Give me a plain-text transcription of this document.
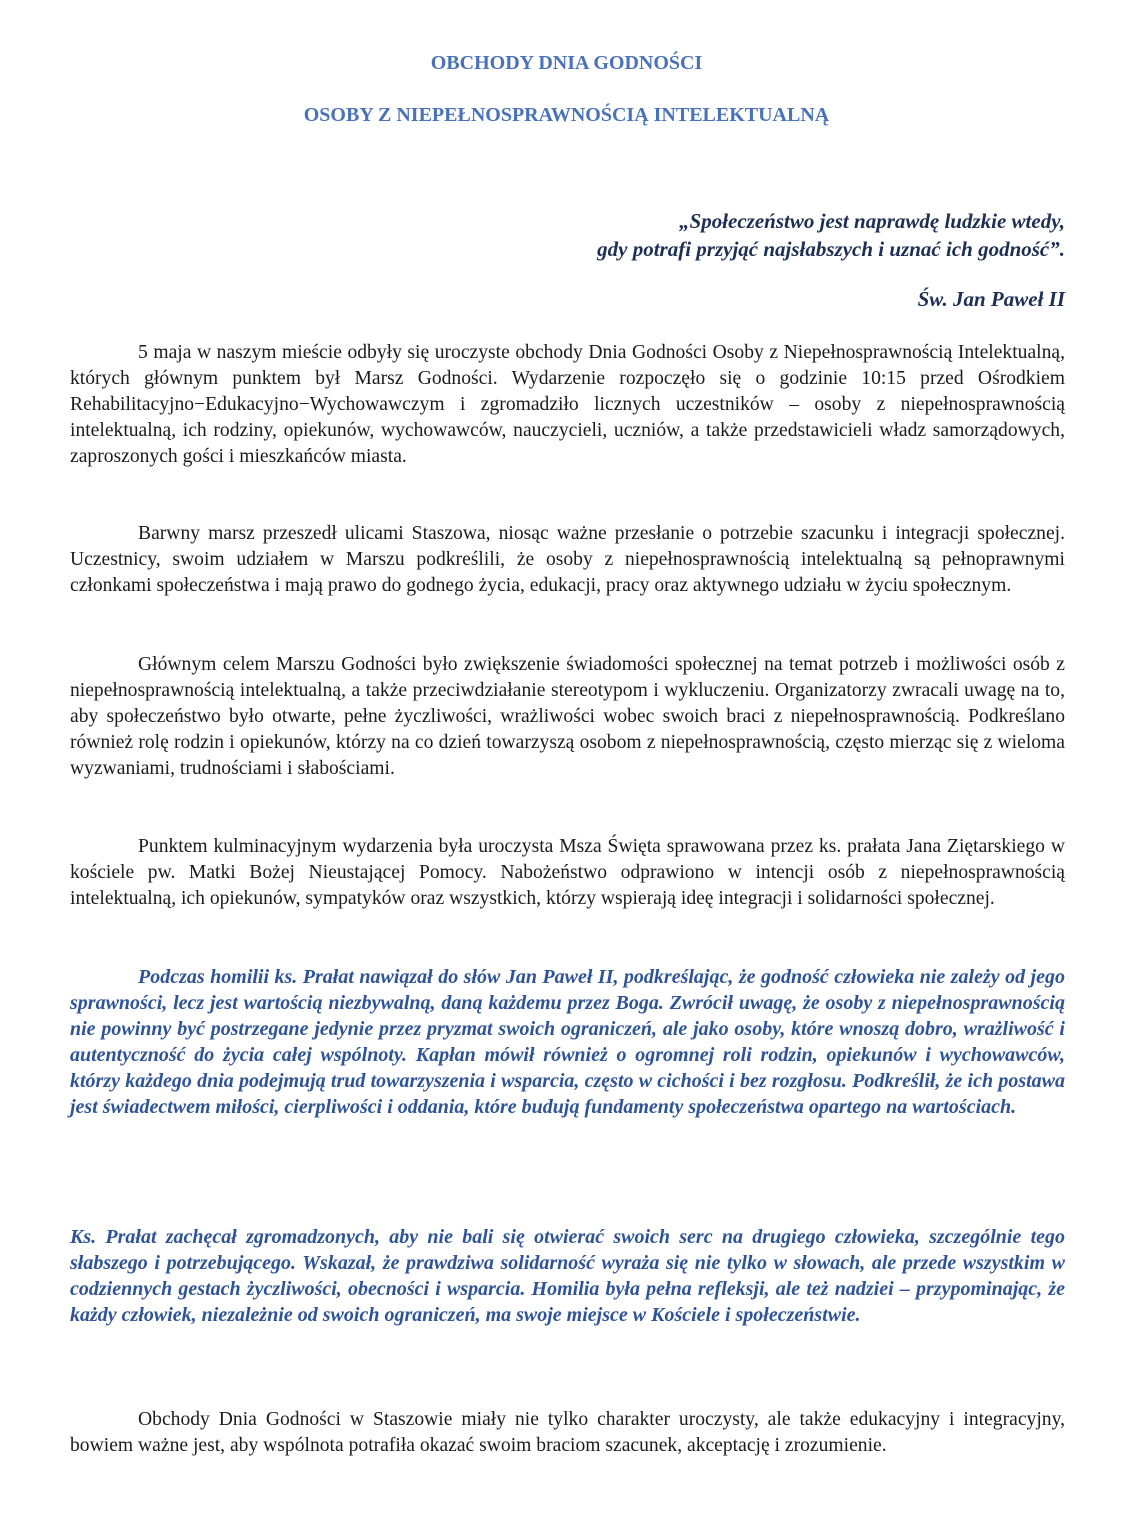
OBCHODY DNIA GODNOŚCI
OSOBY Z NIEPEŁNOSPRAWNOŚCIĄ INTELEKTUALNĄ
„Społeczeństwo jest naprawdę ludzkie wtedy,
gdy potrafi przyjąć najsłabszych i uznać ich godność”.
Św. Jan Paweł II

5 maja w naszym mieście odbyły się uroczyste obchody Dnia Godności Osoby z Niepełnosprawnością Intelektualną, których głównym punktem był Marsz Godności. Wydarzenie rozpoczęło się o godzinie 10:15 przed Ośrodkiem Rehabilitacyjno−Edukacyjno−Wychowawczym i zgromadziło licznych uczestników – osoby z niepełnosprawnością intelektualną, ich rodziny, opiekunów, wychowawców, nauczycieli, uczniów, a także przedstawicieli władz samorządowych, zaproszonych gości i mieszkańców miasta.

Barwny marsz przeszedł ulicami Staszowa, niosąc ważne przesłanie o potrzebie szacunku i integracji społecznej. Uczestnicy, swoim udziałem w Marszu podkreślili, że osoby z niepełnosprawnością intelektualną są pełnoprawnymi członkami społeczeństwa i mają prawo do godnego życia, edukacji, pracy oraz aktywnego udziału w życiu społecznym.

Głównym celem Marszu Godności było zwiększenie świadomości społecznej na temat potrzeb i możliwości osób z niepełnosprawnością intelektualną, a także przeciwdziałanie stereotypom i wykluczeniu. Organizatorzy zwracali uwagę na to, aby społeczeństwo było otwarte, pełne życzliwości, wrażliwości wobec swoich braci z niepełnosprawnością. Podkreślano również rolę rodzin i opiekunów, którzy na co dzień towarzyszą osobom z niepełnosprawnością, często mierząc się z wieloma wyzwaniami, trudnościami i słabościami.

Punktem kulminacyjnym wydarzenia była uroczysta Msza Święta sprawowana przez ks. prałata Jana Ziętarskiego w kościele pw. Matki Bożej Nieustającej Pomocy. Nabożeństwo odprawiono w intencji osób z niepełnosprawnością intelektualną, ich opiekunów, sympatyków oraz wszystkich, którzy wspierają ideę integracji i solidarności społecznej.

Podczas homilii ks. Prałat nawiązał do słów Jan Paweł II, podkreślając, że godność człowieka nie zależy od jego sprawności, lecz jest wartością niezbywalną, daną każdemu przez Boga. Zwrócił uwagę, że osoby z niepełnosprawnością nie powinny być postrzegane jedynie przez pryzmat swoich ograniczeń, ale jako osoby, które wnoszą dobro, wrażliwość i autentyczność do życia całej wspólnoty. Kapłan mówił również o ogromnej roli rodzin, opiekunów i wychowawców, którzy każdego dnia podejmują trud towarzyszenia i wsparcia, często w cichości i bez rozgłosu. Podkreślił, że ich postawa jest świadectwem miłości, cierpliwości i oddania, które budują fundamenty społeczeństwa opartego na wartościach.

Ks. Prałat zachęcał zgromadzonych, aby nie bali się otwierać swoich serc na drugiego człowieka, szczególnie tego słabszego i potrzebującego. Wskazał, że prawdziwa solidarność wyraża się nie tylko w słowach, ale przede wszystkim w codziennych gestach życzliwości, obecności i wsparcia. Homilia była pełna refleksji, ale też nadziei – przypominając, że każdy człowiek, niezależnie od swoich ograniczeń, ma swoje miejsce w Kościele i społeczeństwie.

Obchody Dnia Godności w Staszowie miały nie tylko charakter uroczysty, ale także edukacyjny i integracyjny, bowiem ważne jest, aby wspólnota potrafiła okazać swoim braciom szacunek, akceptację i zrozumienie.
